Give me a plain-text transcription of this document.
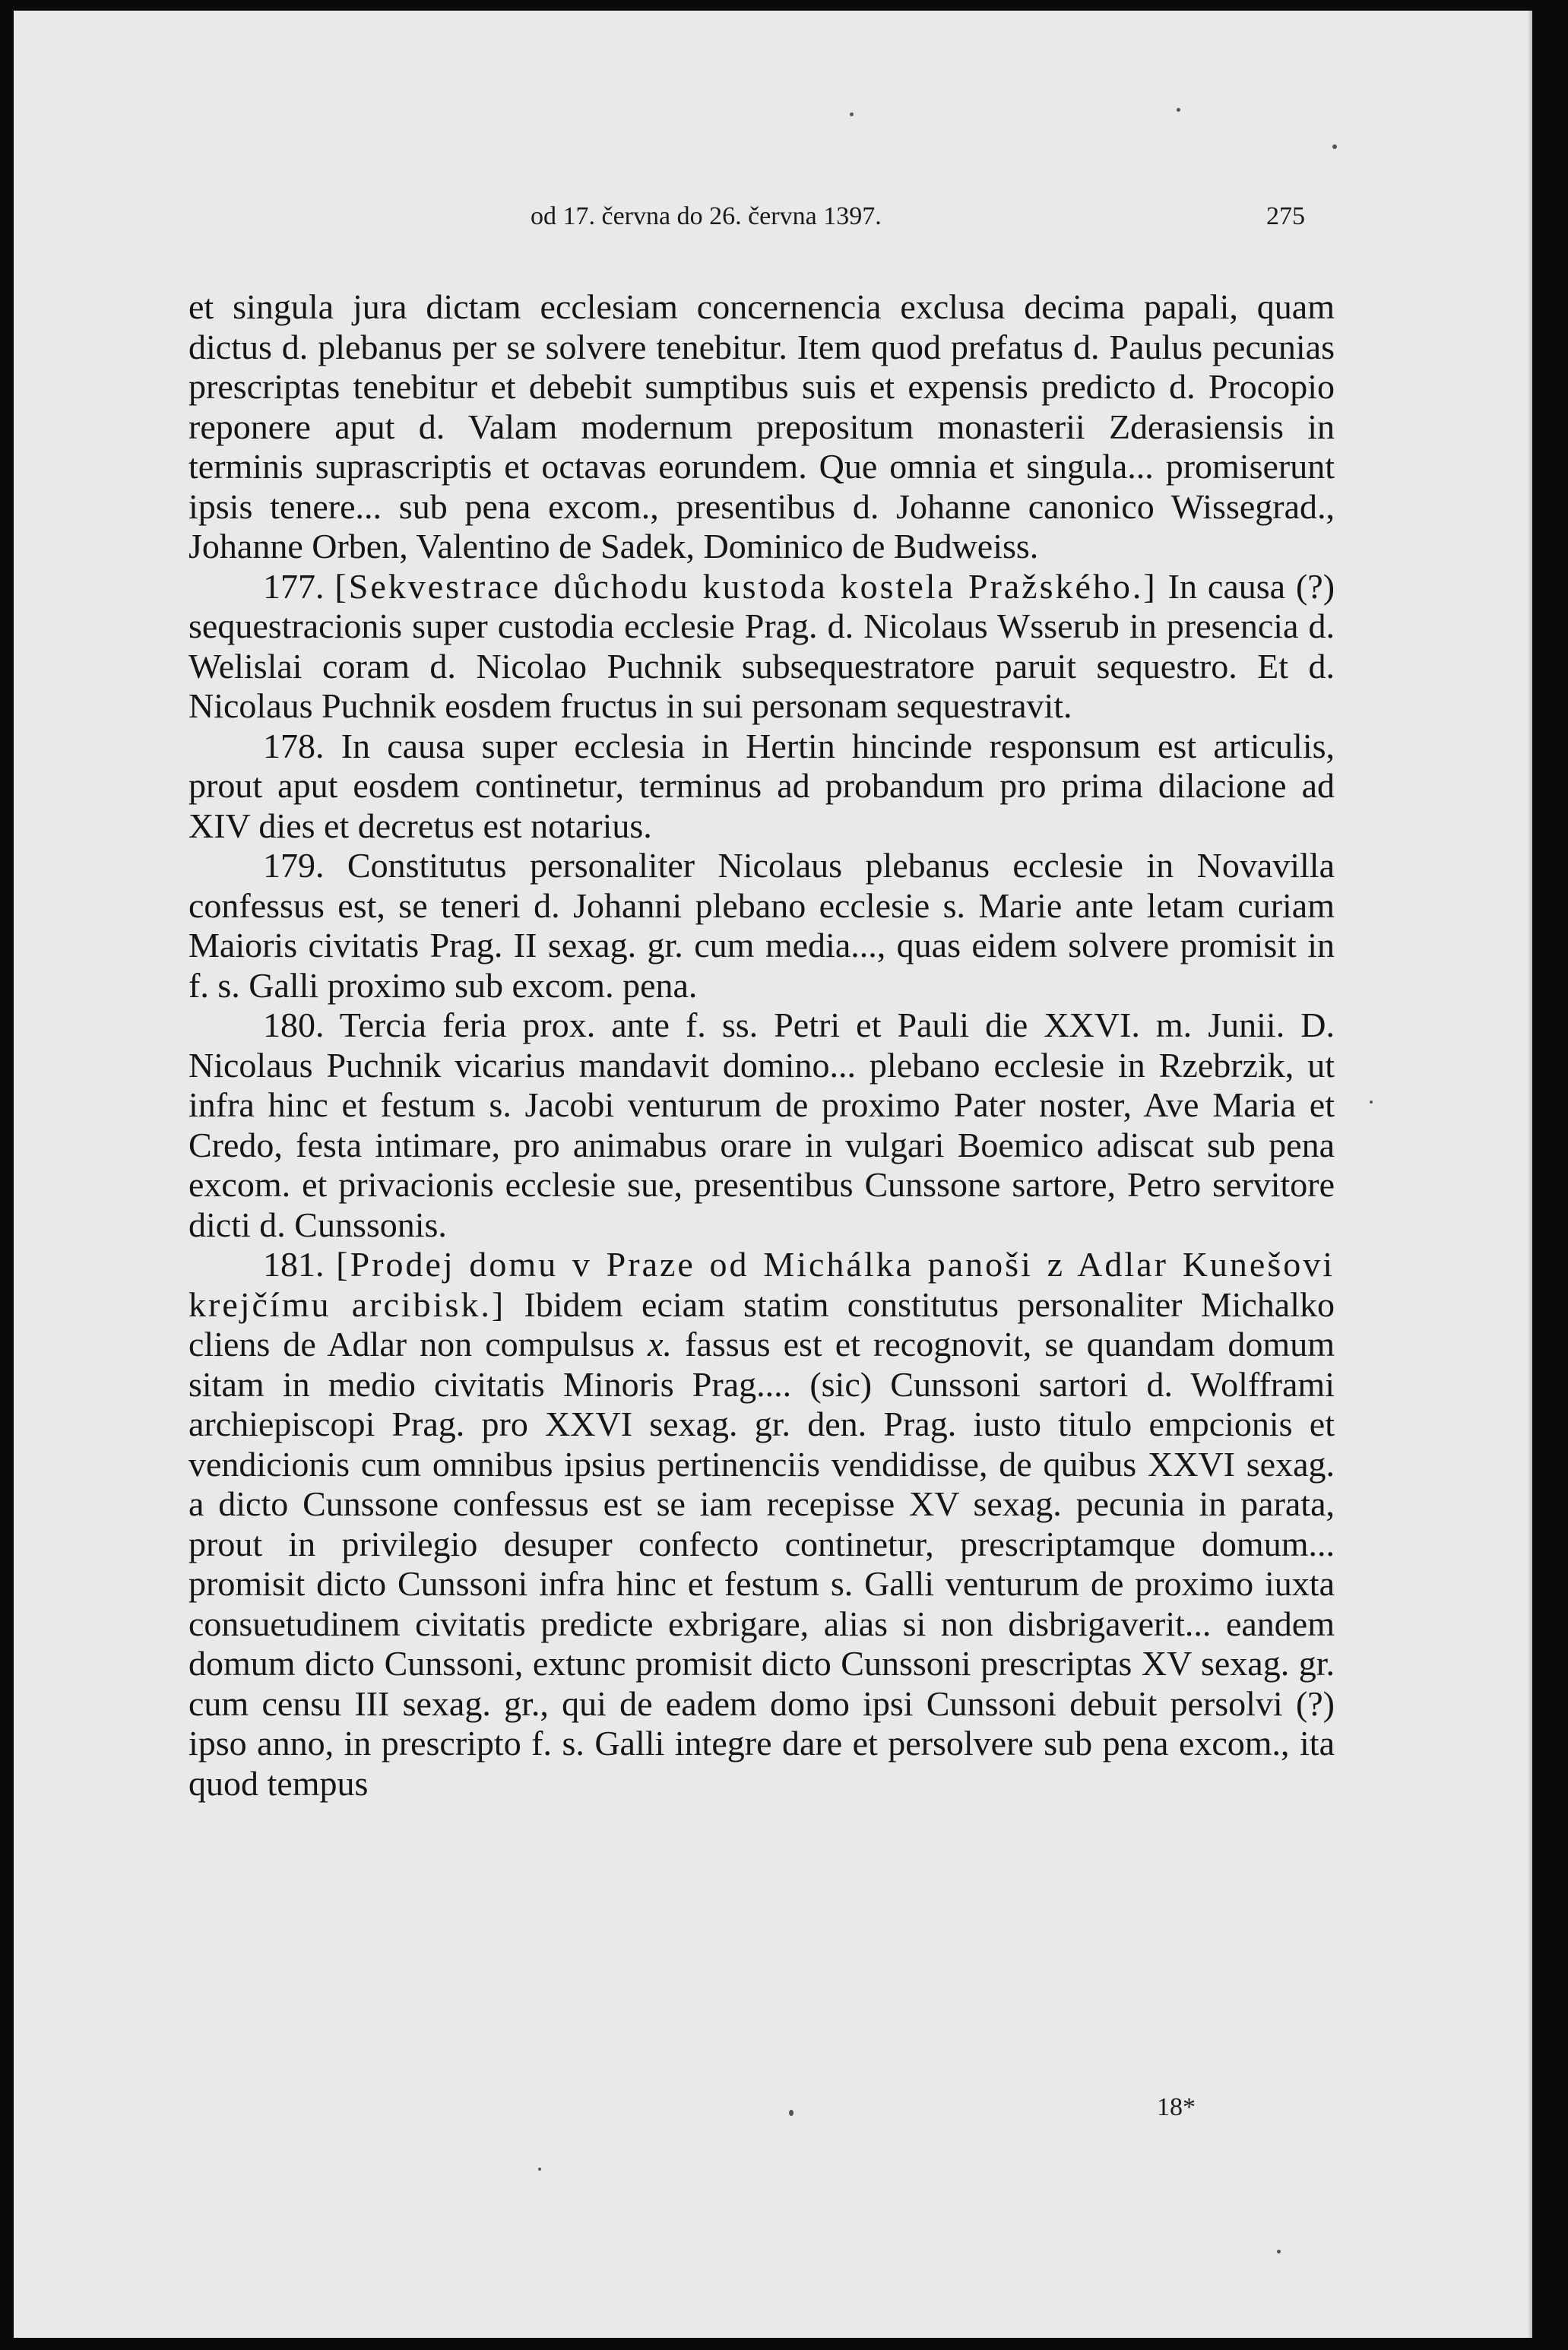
od 17. června do 26. června 1397.	275

et singula jura dictam ecclesiam concernencia exclusa decima papali, quam dictus d. plebanus per se solvere tenebitur. Item quod prefatus d. Paulus pecunias prescriptas tenebitur et debebit sumptibus suis et expensis predicto d. Procopio reponere aput d. Valam modernum prepositum monasterii Zderasiensis in terminis suprascriptis et octavas eorundem. Que omnia et singula... promiserunt ipsis tenere... sub pena excom., presentibus d. Johanne canonico Wissegrad., Johanne Orben, Valentino de Sadek, Dominico de Budweiss.

177. [Sekvestrace důchodu kustoda kostela Pražského.] In causa (?) sequestracionis super custodia ecclesie Prag. d. Nicolaus Wsserub in presencia d. Welislai coram d. Nicolao Puchnik subsequestratore paruit sequestro. Et d. Nicolaus Puchnik eosdem fructus in sui personam sequestravit.

178. In causa super ecclesia in Hertin hincinde responsum est articulis, prout aput eosdem continetur, terminus ad probandum pro prima dilacione ad XIV dies et decretus est notarius.

179. Constitutus personaliter Nicolaus plebanus ecclesie in Novavilla confessus est, se teneri d. Johanni plebano ecclesie s. Marie ante letam curiam Maioris civitatis Prag. II sexag. gr. cum media..., quas eidem solvere promisit in f. s. Galli proximo sub excom. pena.

180. Tercia feria prox. ante f. ss. Petri et Pauli die XXVI. m. Junii. D. Nicolaus Puchnik vicarius mandavit domino... plebano ecclesie in Rzebrzik, ut infra hinc et festum s. Jacobi venturum de proximo Pater noster, Ave Maria et Credo, festa intimare, pro animabus orare in vulgari Boemico adiscat sub pena excom. et privacionis ecclesie sue, presentibus Cunssone sartore, Petro servitore dicti d. Cunssonis.

181. [Prodej domu v Praze od Michálka panoši z Adlar Kunešovi krejčímu arcibisk.] Ibidem eciam statim constitutus personaliter Michalko cliens de Adlar non compulsus x. fassus est et recognovit, se quandam domum sitam in medio civitatis Minoris Prag.... (sic) Cunssoni sartori d. Wolfframi archiepiscopi Prag. pro XXVI sexag. gr. den. Prag. iusto titulo empcionis et vendicionis cum omnibus ipsius pertinenciis vendidisse, de quibus XXVI sexag. a dicto Cunssone confessus est se iam recepisse XV sexag. pecunia in parata, prout in privilegio desuper confecto continetur, prescriptamque domum... promisit dicto Cunssoni infra hinc et festum s. Galli venturum de proximo iuxta consuetudinem civitatis predicte exbrigare, alias si non disbrigaverit... eandem domum dicto Cunssoni, extunc promisit dicto Cunssoni prescriptas XV sexag. gr. cum censu III sexag. gr., qui de eadem domo ipsi Cunssoni debuit persolvi (?) ipso anno, in prescripto f. s. Galli integre dare et persolvere sub pena excom., ita quod tempus

18*
